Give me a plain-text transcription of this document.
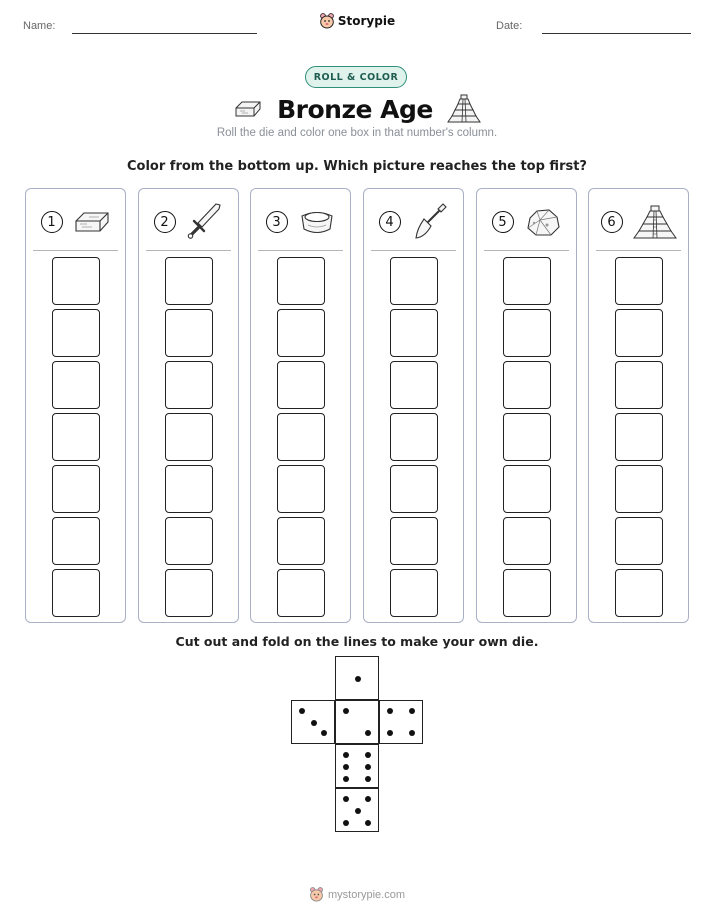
Name:	Storypie	Date:
ROLL & COLOR
Bronze Age
Roll the die and color one box in that number's column.
Color from the bottom up. Which picture reaches the top first?
1	2	3	4	5	6
Cut out and fold on the lines to make your own die.
mystorypie.com
